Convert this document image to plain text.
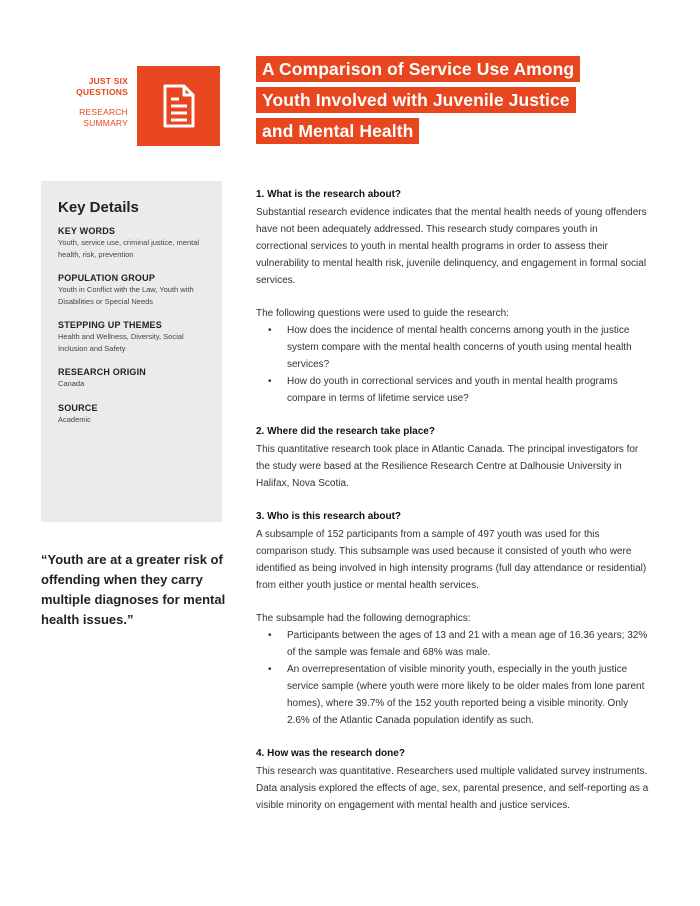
JUST SIX
QUESTIONS
RESEARCH
SUMMARY
A Comparison of Service Use Among
Youth Involved with Juvenile Justice
and Mental Health
Key Details
KEY WORDS
Youth, service use, criminal justice, mental health, risk, prevention
POPULATION GROUP
Youth in Conflict with the Law, Youth with Disabilities or Special Needs
STEPPING UP THEMES
Health and Wellness, Diversity, Social Inclusion and Safety
RESEARCH ORIGIN
Canada
SOURCE
Academic
“Youth are at a greater risk of offending when they carry multiple diagnoses for mental health issues.”
1. What is the research about?

Substantial research evidence indicates that the mental health needs of young offenders have not been adequately addressed. This research study compares youth in correctional services to youth in mental health programs in order to assess their vulnerability to mental health risk, juvenile delinquency, and engagement in formal social services.

The following questions were used to guide the research:

• How does the incidence of mental health concerns among youth in the justice system compare with the mental health concerns of youth using mental health services?
• How do youth in correctional services and youth in mental health programs compare in terms of lifetime service use?
2. Where did the research take place?

This quantitative research took place in Atlantic Canada. The principal investigators for the study were based at the Resilience Research Centre at Dalhousie University in Halifax, Nova Scotia.

3. Who is this research about?

A subsample of 152 participants from a sample of 497 youth was used for this comparison study. This subsample was used because it consisted of youth who were identified as being involved in high intensity programs (full day attendance or residential) from either youth justice or mental health services.

The subsample had the following demographics:

• Participants between the ages of 13 and 21 with a mean age of 16.36 years; 32% of the sample was female and 68% was male.
• An overrepresentation of visible minority youth, especially in the youth justice service sample (where youth were more likely to be older males from lone parent homes), where 39.7% of the 152 youth reported being a visible minority. Only 2.6% of the Atlantic Canada population identify as such.
4. How was the research done?

This research was quantitative. Researchers used multiple validated survey instruments. Data analysis explored the effects of age, sex, parental presence, and self-reporting as a visible minority on engagement with mental health and justice services.
